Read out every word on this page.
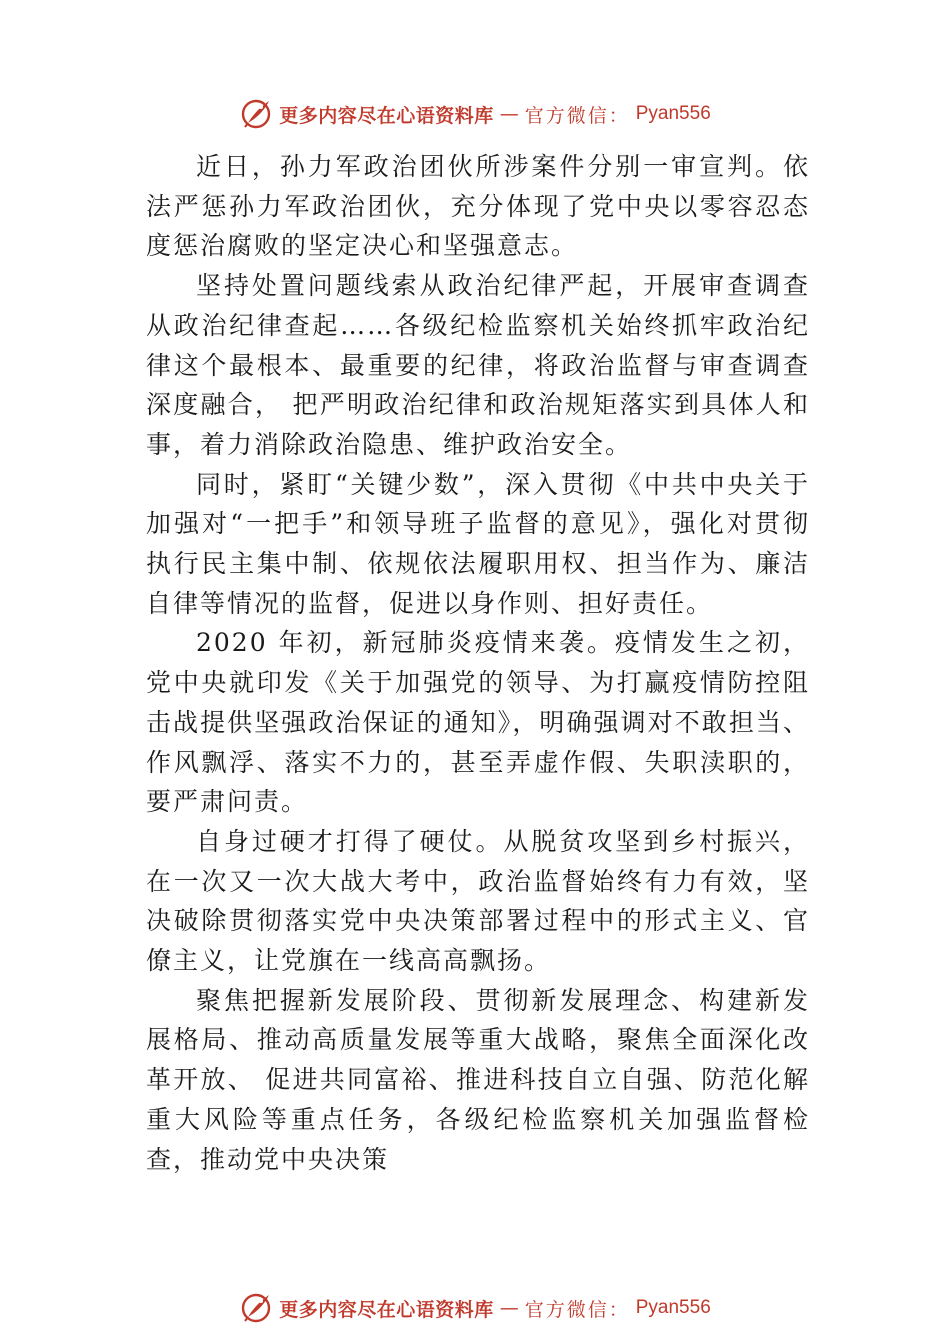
更多内容尽在心语资料库 — 官方微信： Pyan556

近日，孙力军政治团伙所涉案件分别一审宣判。依法严惩孙力军政治团伙，充分体现了党中央以零容忍态度惩治腐败的坚定决心和坚强意志。

坚持处置问题线索从政治纪律严起，开展审查调查从政治纪律查起……各级纪检监察机关始终抓牢政治纪律这个最根本、最重要的纪律，将政治监督与审查调查深度融合， 把严明政治纪律和政治规矩落实到具体人和事，着力消除政治隐患、维护政治安全。

同时，紧盯“关键少数”，深入贯彻《中共中央关于加强对“一把手”和领导班子监督的意见》，强化对贯彻执行民主集中制、依规依法履职用权、担当作为、廉洁自律等情况的监督，促进以身作则、担好责任。

2020 年初，新冠肺炎疫情来袭。疫情发生之初，党中央就印发《关于加强党的领导、为打赢疫情防控阻击战提供坚强政治保证的通知》，明确强调对不敢担当、作风飘浮、落实不力的，甚至弄虚作假、失职渎职的，要严肃问责。

自身过硬才打得了硬仗。从脱贫攻坚到乡村振兴，在一次又一次大战大考中，政治监督始终有力有效，坚决破除贯彻落实党中央决策部署过程中的形式主义、官僚主义，让党旗在一线高高飘扬。

聚焦把握新发展阶段、贯彻新发展理念、构建新发展格局、推动高质量发展等重大战略，聚焦全面深化改革开放、 促进共同富裕、推进科技自立自强、防范化解重大风险等重点任务，各级纪检监察机关加强监督检查，推动党中央决策

更多内容尽在心语资料库 — 官方微信： Pyan556
